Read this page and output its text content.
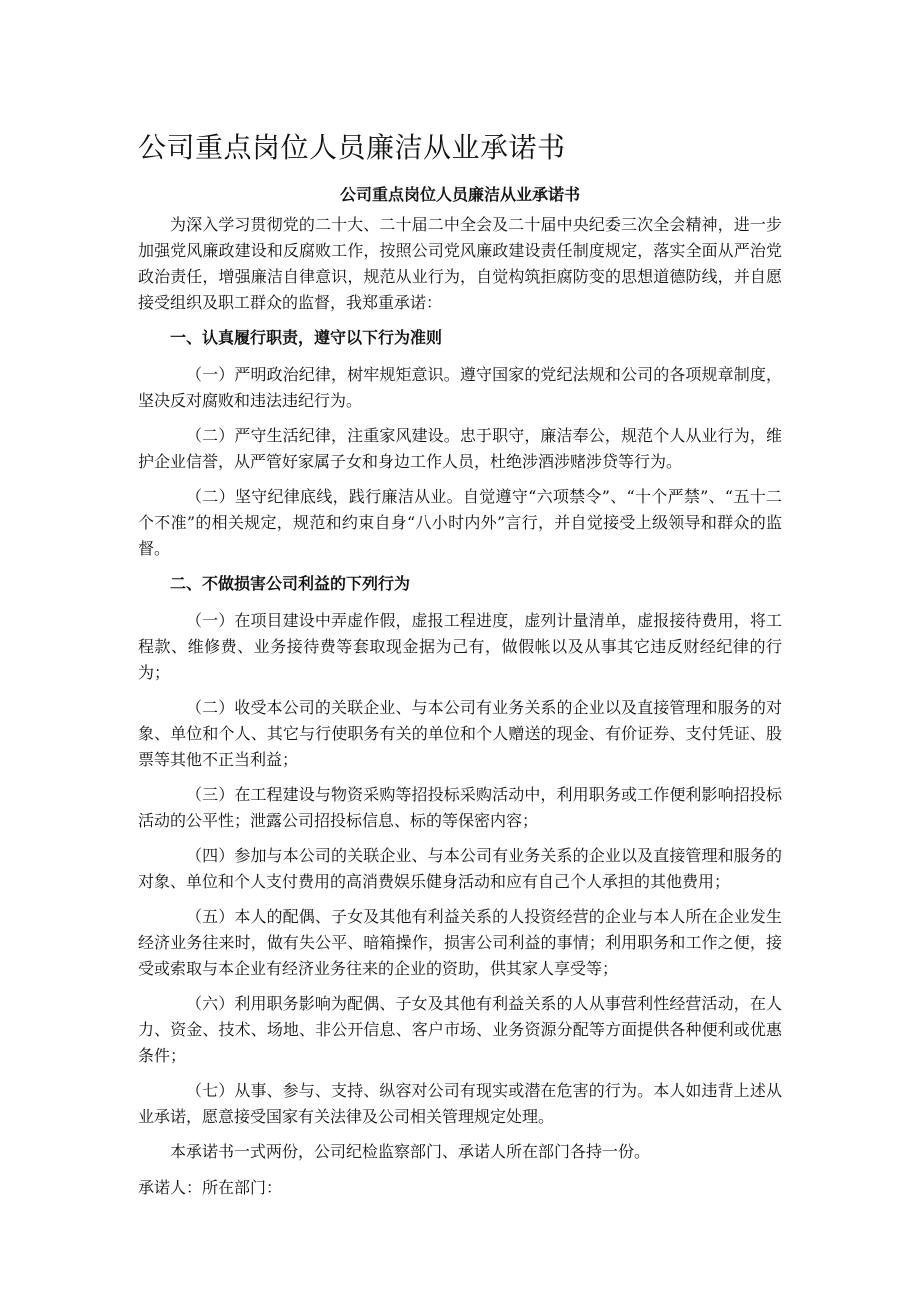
公司重点岗位人员廉洁从业承诺书
公司重点岗位人员廉洁从业承诺书

为深入学习贯彻党的二十大、二十届二中全会及二十届中央纪委三次全会精神，进一步加强党风廉政建设和反腐败工作，按照公司党风廉政建设责任制度规定，落实全面从严治党政治责任，增强廉洁自律意识，规范从业行为，自觉构筑拒腐防变的思想道德防线，并自愿接受组织及职工群众的监督，我郑重承诺：

一、认真履行职责，遵守以下行为准则

（一）严明政治纪律，树牢规矩意识。遵守国家的党纪法规和公司的各项规章制度，坚决反对腐败和违法违纪行为。

（二）严守生活纪律，注重家风建设。忠于职守，廉洁奉公，规范个人从业行为，维护企业信誉，从严管好家属子女和身边工作人员，杜绝涉酒涉赌涉贷等行为。

（二）坚守纪律底线，践行廉洁从业。自觉遵守“六项禁令”、“十个严禁”、“五十二个不准”的相关规定，规范和约束自身“八小时内外”言行，并自觉接受上级领导和群众的监督。

二、不做损害公司利益的下列行为

（一）在项目建设中弄虚作假，虚报工程进度，虚列计量清单，虚报接待费用，将工程款、维修费、业务接待费等套取现金据为己有，做假帐以及从事其它违反财经纪律的行为；

（二）收受本公司的关联企业、与本公司有业务关系的企业以及直接管理和服务的对象、单位和个人、其它与行使职务有关的单位和个人赠送的现金、有价证券、支付凭证、股票等其他不正当利益；

（三）在工程建设与物资采购等招投标采购活动中，利用职务或工作便利影响招投标活动的公平性；泄露公司招投标信息、标的等保密内容；

（四）参加与本公司的关联企业、与本公司有业务关系的企业以及直接管理和服务的对象、单位和个人支付费用的高消费娱乐健身活动和应有自己个人承担的其他费用；

（五）本人的配偶、子女及其他有利益关系的人投资经营的企业与本人所在企业发生经济业务往来时，做有失公平、暗箱操作，损害公司利益的事情；利用职务和工作之便，接受或索取与本企业有经济业务往来的企业的资助，供其家人享受等；

（六）利用职务影响为配偶、子女及其他有利益关系的人从事营利性经营活动，在人力、资金、技术、场地、非公开信息、客户市场、业务资源分配等方面提供各种便利或优惠条件；

（七）从事、参与、支持、纵容对公司有现实或潜在危害的行为。本人如违背上述从业承诺，愿意接受国家有关法律及公司相关管理规定处理。

本承诺书一式两份，公司纪检监察部门、承诺人所在部门各持一份。

承诺人：所在部门：
